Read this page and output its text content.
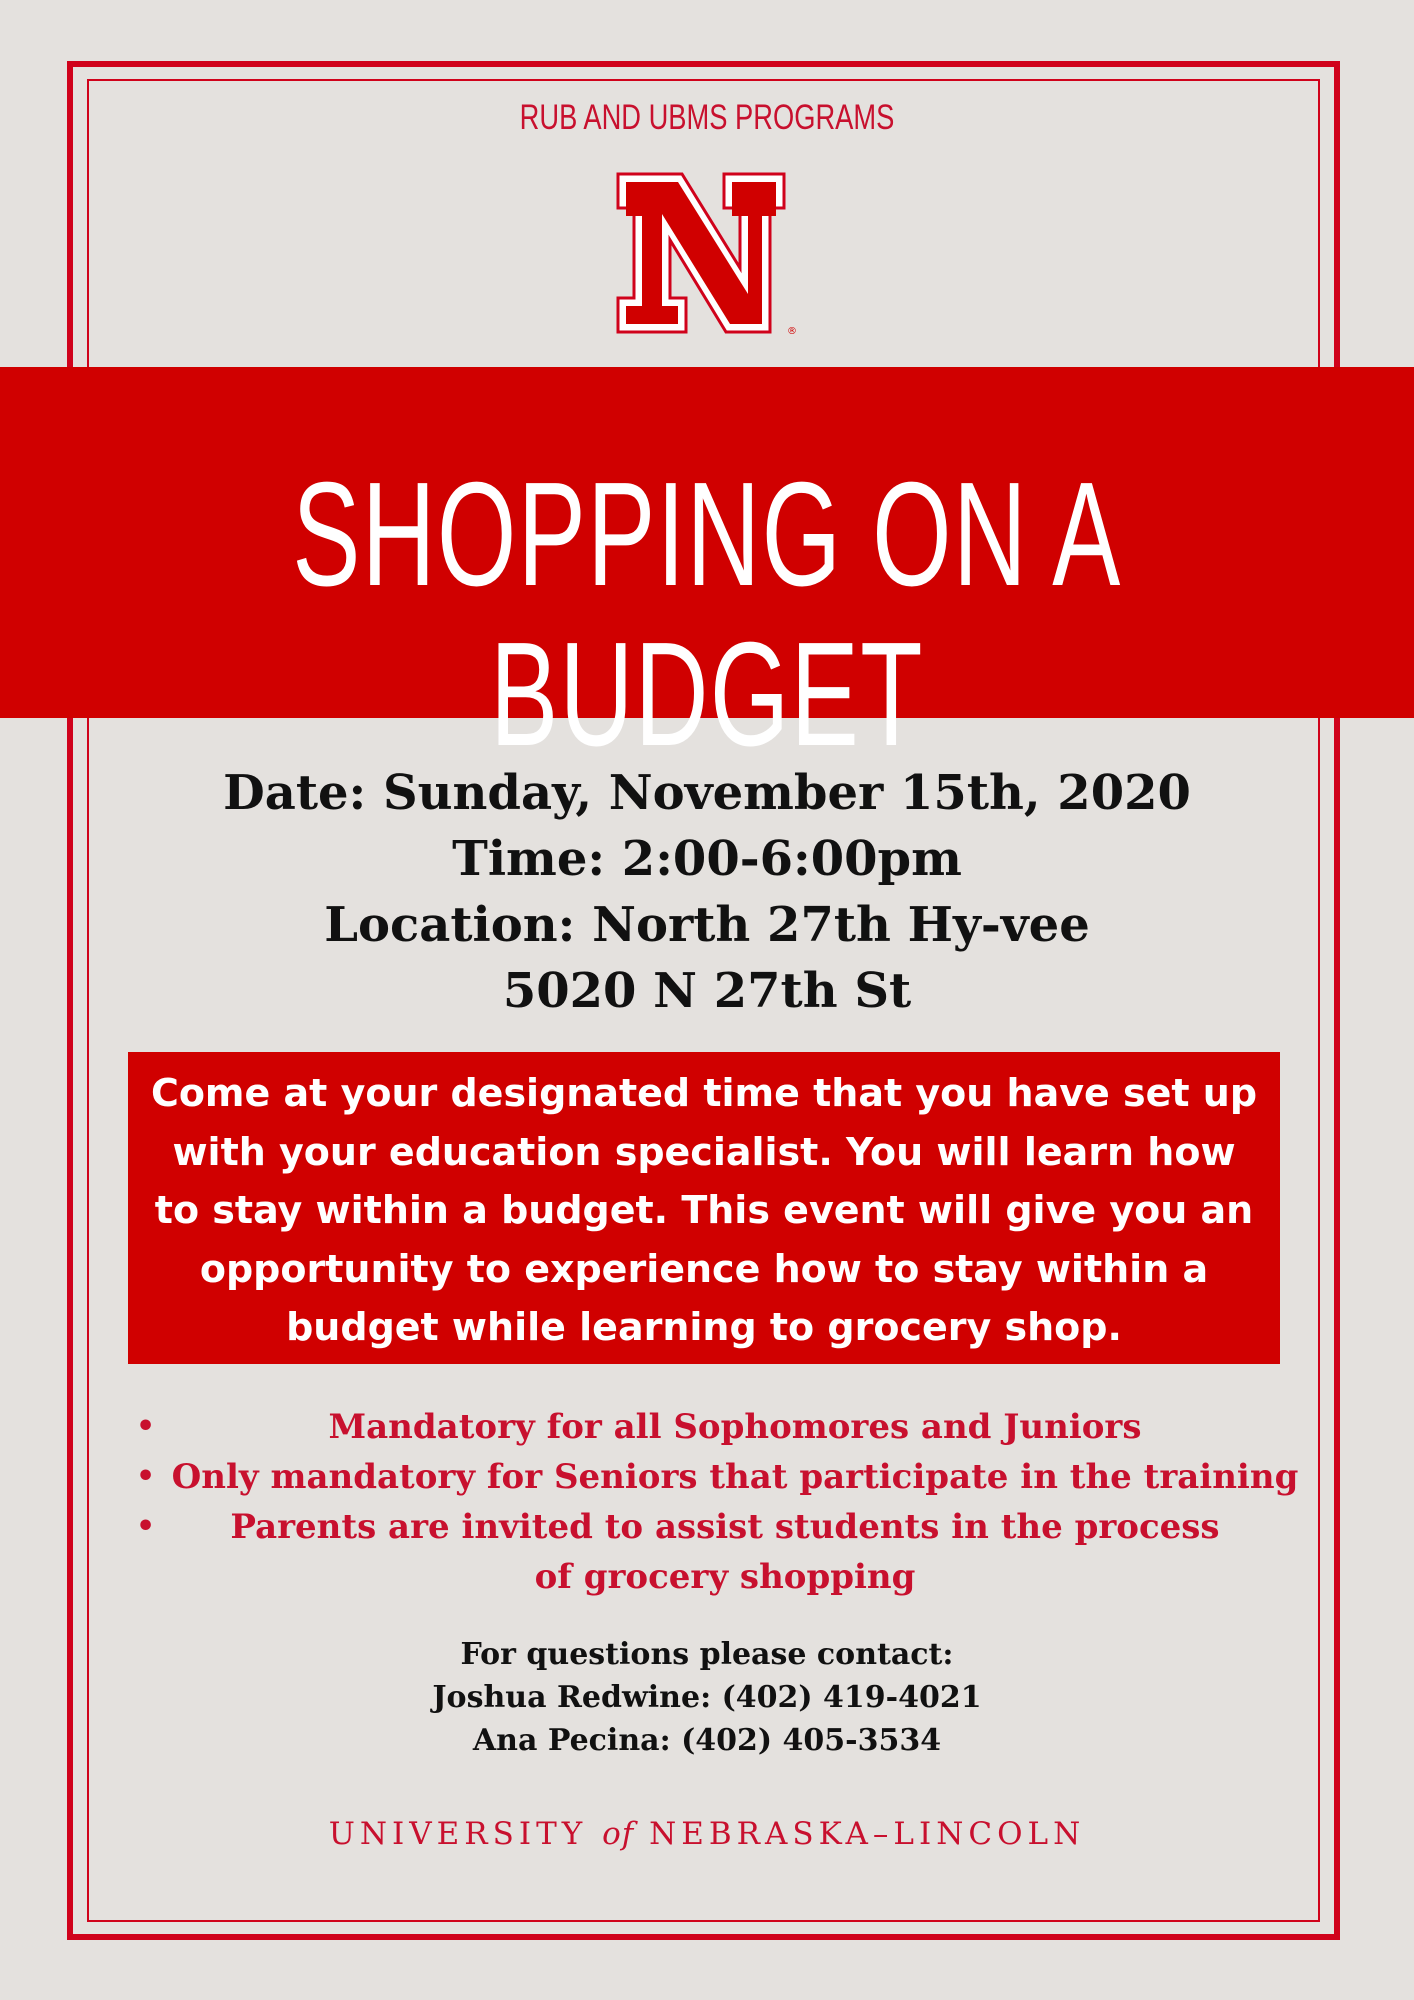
RUB AND UBMS PROGRAMS
®
SHOPPING ON A BUDGET
Date: Sunday, November 15th, 2020
Time: 2:00-6:00pm
Location: North 27th Hy-vee
5020 N 27th St
Come at your designated time that you have set up
with your education specialist. You will learn how
to stay within a budget. This event will give you an
opportunity to experience how to stay within a
budget while learning to grocery shop.
•	Mandatory for all Sophomores and Juniors
• Only mandatory for Seniors that participate in the training
• Parents are invited to assist students in the process of grocery shopping
For questions please contact:
Joshua Redwine: (402) 419-4021
Ana Pecina: (402) 405-3534
UNIVERSITY of NEBRASKA–LINCOLN
